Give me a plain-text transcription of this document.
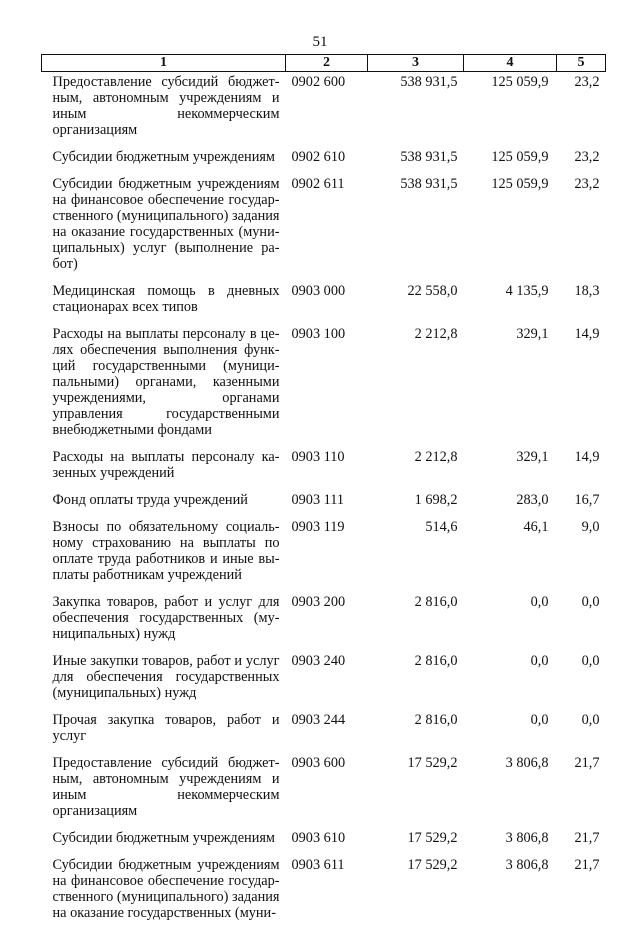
51
1	2	3	4	5
Предоставление субсидий бюджет-ным, автономным учреждениям и иным некоммерческим организациям	0902 600	538 931,5	125 059,9	23,2
Субсидии бюджетным учреждениям	0902 610	538 931,5	125 059,9	23,2
Субсидии бюджетным учреждениям на финансовое обеспечение государ-ственного (муниципального) задания на оказание государственных (муни-ципальных) услуг (выполнение ра-бот)	0902 611	538 931,5	125 059,9	23,2
Медицинская помощь в дневных стационарах всех типов	0903 000	22 558,0	4 135,9	18,3
Расходы на выплаты персоналу в це-лях обеспечения выполнения функ-ций государственными (муници-пальными) органами, казенными учреждениями, органами управления государственными внебюджетными фондами	0903 100	2 212,8	329,1	14,9
Расходы на выплаты персоналу ка-зенных учреждений	0903 110	2 212,8	329,1	14,9
Фонд оплаты труда учреждений	0903 111	1 698,2	283,0	16,7
Взносы по обязательному социаль-ному страхованию на выплаты по оплате труда работников и иные вы-платы работникам учреждений	0903 119	514,6	46,1	9,0
Закупка товаров, работ и услуг для обеспечения государственных (му-ниципальных) нужд	0903 200	2 816,0	0,0	0,0
Иные закупки товаров, работ и услуг для обеспечения государственных (муниципальных) нужд	0903 240	2 816,0	0,0	0,0
Прочая закупка товаров, работ и услуг	0903 244	2 816,0	0,0	0,0
Предоставление субсидий бюджет-ным, автономным учреждениям и иным некоммерческим организациям	0903 600	17 529,2	3 806,8	21,7
Субсидии бюджетным учреждениям	0903 610	17 529,2	3 806,8	21,7
Субсидии бюджетным учреждениям на финансовое обеспечение государ-ственного (муниципального) задания на оказание государственных (муни-	0903 611	17 529,2	3 806,8	21,7
